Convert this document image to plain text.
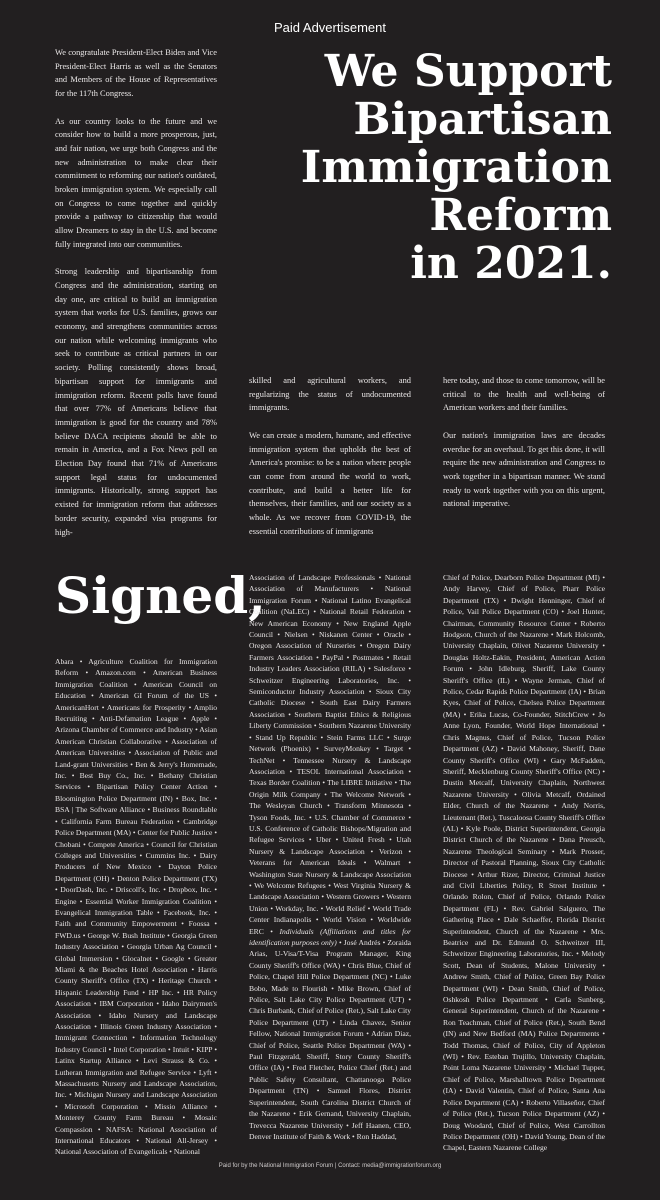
Paid Advertisement

We congratulate President-Elect Biden and Vice President-Elect Harris as well as the Senators and Members of the House of Representatives for the 117th Congress.

As our country looks to the future and we consider how to build a more prosperous, just, and fair nation, we urge both Congress and the new administration to make clear their commitment to reforming our nation's outdated, broken immigration system. We especially call on Congress to come together and quickly provide a pathway to citizenship that would allow Dreamers to stay in the U.S. and become fully integrated into our communities.

Strong leadership and bipartisanship from Congress and the administration, starting on day one, are critical to build an immigration system that works for U.S. families, grows our economy, and strengthens communities across our nation while welcoming immigrants who seek to contribute as critical partners in our society. Polling consistently shows broad, bipartisan support for immigrants and immigration reform. Recent polls have found that over 77% of Americans believe that immigration is good for the country and 78% believe DACA recipients should be able to remain in America, and a Fox News poll on Election Day found that 71% of Americans support legal status for undocumented immigrants. Historically, strong support has existed for immigration reform that addresses border security, expanded visa programs for high-

We Support
Bipartisan
Immigration
Reform
in 2021.

skilled and agricultural workers, and regularizing the status of undocumented immigrants.

We can create a modern, humane, and effective immigration system that upholds the best of America's promise: to be a nation where people can come from around the world to work, contribute, and build a better life for themselves, their families, and our society as a whole. As we recover from COVID-19, the essential contributions of immigrants

here today, and those to come tomorrow, will be critical to the health and well-being of American workers and their families.

Our nation's immigration laws are decades overdue for an overhaul. To get this done, it will require the new administration and Congress to work together in a bipartisan manner. We stand ready to work together with you on this urgent, national imperative.

Signed,

Abara • Agriculture Coalition for Immigration Reform • Amazon.com • American Business Immigration Coalition • American Council on Education • American GI Forum of the US • AmericanHort • Americans for Prosperity • Amplio Recruiting • Anti-Defamation League • Apple • Arizona Chamber of Commerce and Industry • Asian American Christian Collaborative • Association of American Universities • Association of Public and Land-grant Universities • Ben & Jerry's Homemade, Inc. • Best Buy Co., Inc. • Bethany Christian Services • Bipartisan Policy Center Action • Bloomington Police Department (IN) • Box, Inc. • BSA | The Software Alliance • Business Roundtable • California Farm Bureau Federation • Cambridge Police Department (MA) • Center for Public Justice • Chobani • Compete America • Council for Christian Colleges and Universities • Cummins Inc. • Dairy Producers of New Mexico • Dayton Police Department (OH) • Denton Police Department (TX) • DoorDash, Inc. • Driscoll's, Inc. • Dropbox, Inc. • Engine • Essential Worker Immigration Coalition • Evangelical Immigration Table • Facebook, Inc. • Faith and Community Empowerment • Foossa • FWD.us • George W. Bush Institute • Georgia Green Industry Association • Georgia Urban Ag Council • Global Immersion • Glocalnet • Google • Greater Miami & the Beaches Hotel Association • Harris County Sheriff's Office (TX) • Heritage Church • Hispanic Leadership Fund • HP Inc. • HR Policy Association • IBM Corporation • Idaho Dairymen's Association • Idaho Nursery and Landscape Association • Illinois Green Industry Association • Immigrant Connection • Information Technology Industry Council • Intel Corporation • Intuit • KIPP • Latinx Startup Alliance • Levi Strauss & Co. • Lutheran Immigration and Refugee Service • Lyft • Massachusetts Nursery and Landscape Association, Inc. • Michigan Nursery and Landscape Association • Microsoft Corporation • Missio Alliance • Monterey County Farm Bureau • Mosaic Compassion • NAFSA: National Association of International Educators • National All-Jersey • National Association of Evangelicals • National

Association of Landscape Professionals • National Association of Manufacturers • National Immigration Forum • National Latino Evangelical Coalition (NaLEC) • National Retail Federation • New American Economy • New England Apple Council • Nielsen • Niskanen Center • Oracle • Oregon Association of Nurseries • Oregon Dairy Farmers Association • PayPal • Postmates • Retail Industry Leaders Association (RILA) • Salesforce • Schweitzer Engineering Laboratories, Inc. • Semiconductor Industry Association • Sioux City Catholic Diocese • South East Dairy Farmers Association • Southern Baptist Ethics & Religious Liberty Commission • Southern Nazarene University • Stand Up Republic • Stein Farms LLC • Surge Network (Phoenix) • SurveyMonkey • Target • TechNet • Tennessee Nursery & Landscape Association • TESOL International Association • Texas Border Coalition • The LIBRE Initiative • The Origin Milk Company • The Welcome Network • The Wesleyan Church • Transform Minnesota • Tyson Foods, Inc. • U.S. Chamber of Commerce • U.S. Conference of Catholic Bishops/Migration and Refugee Services • Uber • United Fresh • Utah Nursery & Landscape Association • Verizon • Veterans for American Ideals • Walmart • Washington State Nursery & Landscape Association • We Welcome Refugees • West Virginia Nursery & Landscape Association • Western Growers • Western Union • Workday, Inc. • World Relief • World Trade Center Indianapolis • World Vision • Worldwide ERC • Individuals (Affiliations and titles for identification purposes only) • José Andrés • Zoraida Arias, U-Visa/T-Visa Program Manager, King County Sheriff's Office (WA) • Chris Blue, Chief of Police, Chapel Hill Police Department (NC) • Luke Bobo, Made to Flourish • Mike Brown, Chief of Police, Salt Lake City Police Department (UT) • Chris Burbank, Chief of Police (Ret.), Salt Lake City Police Department (UT) • Linda Chavez, Senior Fellow, National Immigration Forum • Adrian Diaz, Chief of Police, Seattle Police Department (WA) • Paul Fitzgerald, Sheriff, Story County Sheriff's Office (IA) • Fred Fletcher, Police Chief (Ret.) and Public Safety Consultant, Chattanooga Police Department (TN) • Samuel Flores, District Superintendent, South Carolina District Church of the Nazarene • Erik Gernand, University Chaplain, Trevecca Nazarene University • Jeff Haanen, CEO, Denver Institute of Faith & Work • Ron Haddad,

Chief of Police, Dearborn Police Department (MI) • Andy Harvey, Chief of Police, Pharr Police Department (TX) • Dwight Henninger, Chief of Police, Vail Police Department (CO) • Joel Hunter, Chairman, Community Resource Center • Roberto Hodgson, Church of the Nazarene • Mark Holcomb, University Chaplain, Olivet Nazarene University • Douglas Holtz-Eakin, President, American Action Forum • John Idleburg, Sheriff, Lake County Sheriff's Office (IL) • Wayne Jerman, Chief of Police, Cedar Rapids Police Department (IA) • Brian Kyes, Chief of Police, Chelsea Police Department (MA) • Erika Lucas, Co-Founder, StitchCrew • Jo Anne Lyon, Founder, World Hope International • Chris Magnus, Chief of Police, Tucson Police Department (AZ) • David Mahoney, Sheriff, Dane County Sheriff's Office (WI) • Gary McFadden, Sheriff, Mecklenburg County Sheriff's Office (NC) • Dustin Metcalf, University Chaplain, Northwest Nazarene University • Olivia Metcalf, Ordained Elder, Church of the Nazarene • Andy Norris, Lieutenant (Ret.), Tuscaloosa County Sheriff's Office (AL) • Kyle Poole, District Superintendent, Georgia District Church of the Nazarene • Dana Preusch, Nazarene Theological Seminary • Mark Prosser, Director of Pastoral Planning, Sioux City Catholic Diocese • Arthur Rizer, Director, Criminal Justice and Civil Liberties Policy, R Street Institute • Orlando Rolon, Chief of Police, Orlando Police Department (FL) • Rev. Gabriel Salguero, The Gathering Place • Dale Schaeffer, Florida District Superintendent, Church of the Nazarene • Mrs. Beatrice and Dr. Edmund O. Schweitzer III, Schweitzer Engineering Laboratories, Inc. • Melody Scott, Dean of Students, Malone University • Andrew Smith, Chief of Police, Green Bay Police Department (WI) • Dean Smith, Chief of Police, Oshkosh Police Department • Carla Sunberg, General Superintendent, Church of the Nazarene • Ron Teachman, Chief of Police (Ret.), South Bend (IN) and New Bedford (MA) Police Departments • Todd Thomas, Chief of Police, City of Appleton (WI) • Rev. Esteban Trujillo, University Chaplain, Point Loma Nazarene University • Michael Tupper, Chief of Police, Marshalltown Police Department (IA) • David Valentin, Chief of Police, Santa Ana Police Department (CA) • Roberto Villaseñor, Chief of Police (Ret.), Tucson Police Department (AZ) • Doug Woodard, Chief of Police, West Carrollton Police Department (OH) • David Young, Dean of the Chapel, Eastern Nazarene College

Paid for by the National Immigration Forum | Contact: media@immigrationforum.org
